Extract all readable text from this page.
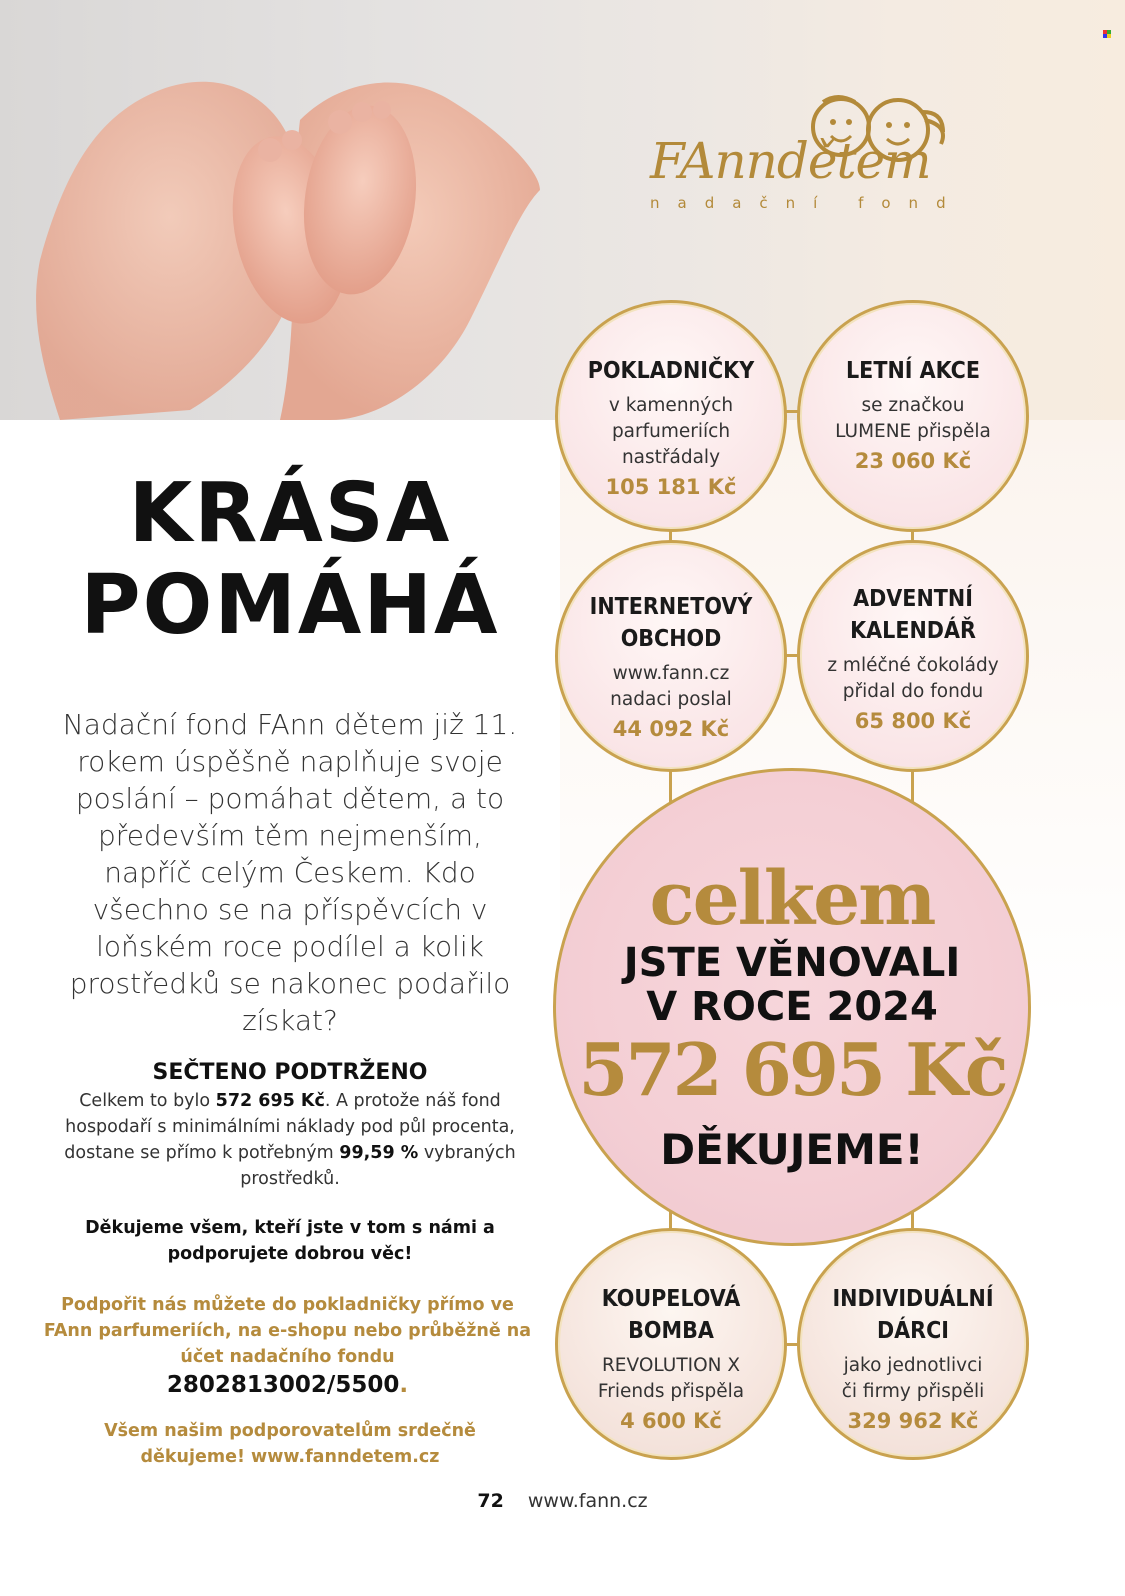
FAnndětem
nadační fond
KRÁSA
POMÁHÁ
Nadační fond FAnn dětem již 11. rokem úspěšně naplňuje svoje poslání – pomáhat dětem, a to především těm nejmenším, napříč celým Českem. Kdo všechno se na příspěvcích v loňském roce podílel a kolik prostředků se nakonec podařilo získat?
SEČTENO PODTRŽENO
Celkem to bylo 572 695 Kč. A protože náš fond hospodaří s minimálními náklady pod půl procenta, dostane se přímo k potřebným 99,59 % vybraných prostředků.
Děkujeme všem, kteří jste v tom s námi a podporujete dobrou věc!
Podpořit nás můžete do pokladničky přímo ve FAnn parfumeriích, na e-shopu nebo průběžně na účet nadačního fondu
2802813002/5500.
Všem našim podporovatelům srdečně děkujeme! www.fanndetem.cz
72 www.fann.cz
POKLADNIČKY
v kamenných parfumeriích nastřádaly
105 181 Kč
LETNÍ AKCE
se značkou LUMENE přispěla
23 060 Kč
INTERNETOVÝ OBCHOD
www.fann.cz nadaci poslal
44 092 Kč
ADVENTNÍ KALENDÁŘ
z mléčné čokolády přidal do fondu
65 800 Kč
celkem
JSTE VĚNOVALI
V ROCE 2024
572 695 Kč
DĚKUJEME!
KOUPELOVÁ BOMBA
REVOLUTION X Friends přispěla
4 600 Kč
INDIVIDUÁLNÍ DÁRCI
jako jednotlivci či firmy přispěli
329 962 Kč
